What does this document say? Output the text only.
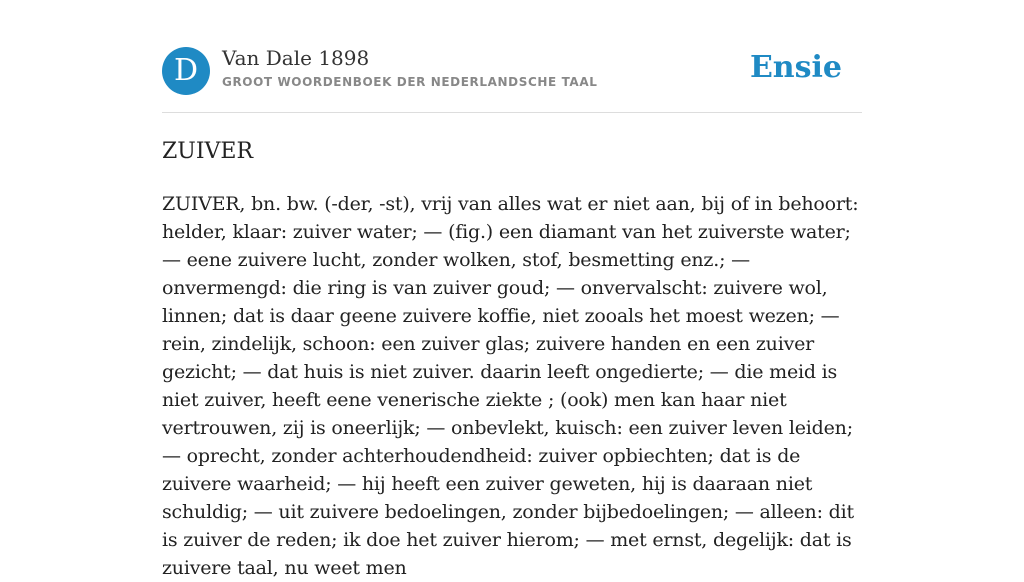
D	Van Dale 1898
GROOT WOORDENBOEK DER NEDERLANDSCHE TAAL	Ensie
ZUIVER

ZUIVER, bn. bw. (-der, -st), vrij van alles wat er niet aan, bij of in behoort: helder, klaar: zuiver water; — (fig.) een diamant van het zuiverste water; — eene zuivere lucht, zonder wolken, stof, besmetting enz.; — onvermengd: die ring is van zuiver goud; — onvervalscht: zuivere wol, linnen; dat is daar geene zuivere koffie, niet zooals het moest wezen; — rein, zindelijk, schoon: een zuiver glas; zuivere handen en een zuiver gezicht; — dat huis is niet zuiver. daarin leeft ongedierte; — die meid is niet zuiver, heeft eene venerische ziekte ; (ook) men kan haar niet vertrouwen, zij is oneerlijk; — onbevlekt, kuisch: een zuiver leven leiden; — oprecht, zonder achterhoudendheid: zuiver opbiechten; dat is de zuivere waarheid; — hij heeft een zuiver geweten, hij is daaraan niet schuldig; — uit zuivere bedoelingen, zonder bijbedoelingen; — alleen: dit is zuiver de reden; ik doe het zuiver hierom; — met ernst, degelijk: dat is zuivere taal, nu weet men
